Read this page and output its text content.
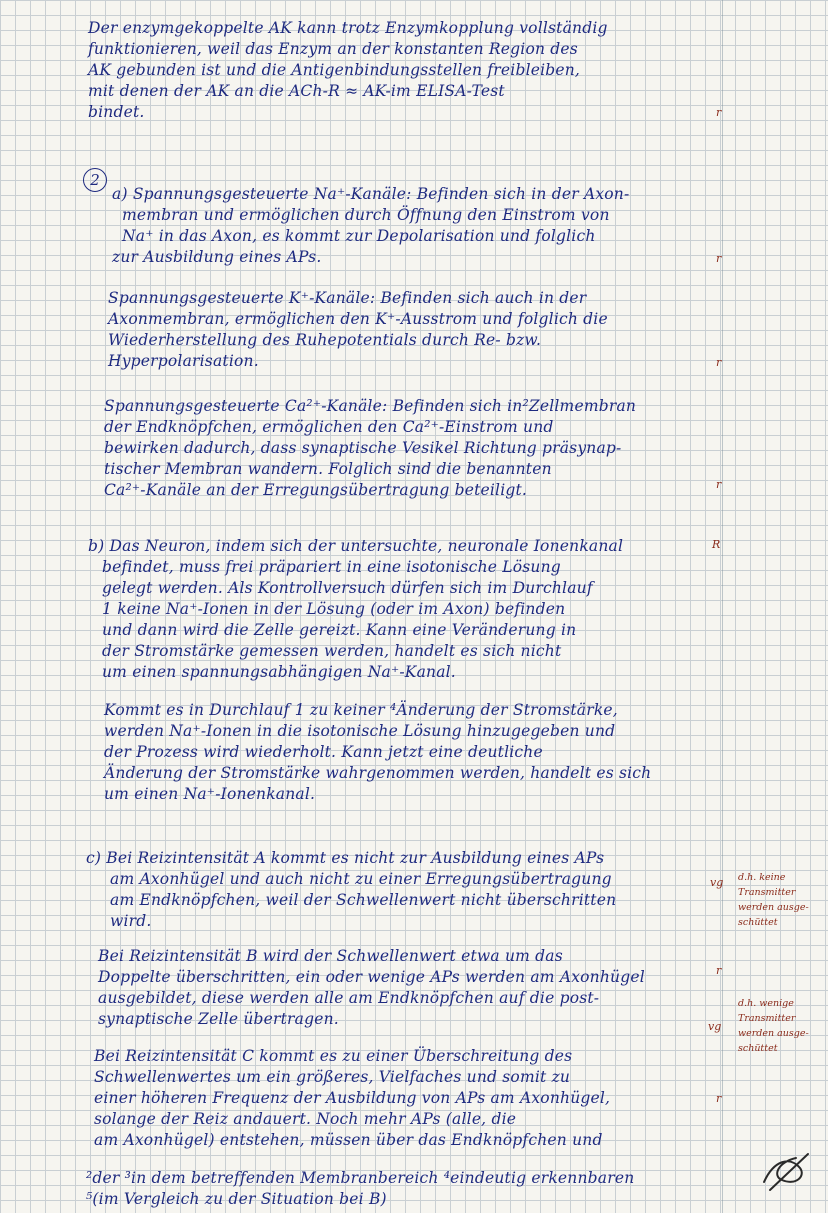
Der enzymgekoppelte AK kann trotz Enzymkopplung vollständig
funktionieren, weil das Enzym an der konstanten Region des
AK gebunden ist und die Antigenbindungsstellen freibleiben,
mit denen der AK an die ACh-R ≈ AK-im ELISA-Test
bindet.
2
a) Spannungsgesteuerte Na⁺-Kanäle: Befinden sich in der Axon-
membran und ermöglichen durch Öffnung den Einstrom von
Na⁺ in das Axon, es kommt zur Depolarisation und folglich
zur Ausbildung eines APs.
Spannungsgesteuerte K⁺-Kanäle: Befinden sich auch in der
Axonmembran, ermöglichen den K⁺-Ausstrom und folglich die
Wiederherstellung des Ruhepotentials durch Re- bzw.
Hyperpolarisation.
Spannungsgesteuerte Ca²⁺-Kanäle: Befinden sich in²Zellmembran
der Endknöpfchen, ermöglichen den Ca²⁺-Einstrom und
bewirken dadurch, dass synaptische Vesikel Richtung präsynap-
tischer Membran wandern. Folglich sind die benannten
Ca²⁺-Kanäle an der Erregungsübertragung beteiligt.
b) Das Neuron, indem sich der untersuchte, neuronale Ionenkanal
befindet, muss frei präpariert in eine isotonische Lösung
gelegt werden. Als Kontrollversuch dürfen sich im Durchlauf
1 keine Na⁺-Ionen in der Lösung (oder im Axon) befinden
und dann wird die Zelle gereizt. Kann eine Veränderung in
der Stromstärke gemessen werden, handelt es sich nicht
um einen spannungsabhängigen Na⁺-Kanal.
Kommt es in Durchlauf 1 zu keiner ⁴Änderung der Stromstärke,
werden Na⁺-Ionen in die isotonische Lösung hinzugegeben und
der Prozess wird wiederholt. Kann jetzt eine deutliche
Änderung der Stromstärke wahrgenommen werden, handelt es sich
um einen Na⁺-Ionenkanal.
c) Bei Reizintensität A kommt es nicht zur Ausbildung eines APs
am Axonhügel und auch nicht zu einer Erregungsübertragung
am Endknöpfchen, weil der Schwellenwert nicht überschritten
wird.
Bei Reizintensität B wird der Schwellenwert etwa um das
Doppelte überschritten, ein oder wenige APs werden am Axonhügel
ausgebildet, diese werden alle am Endknöpfchen auf die post-
synaptische Zelle übertragen.
Bei Reizintensität C kommt es zu einer Überschreitung des
Schwellenwertes um ein größeres, Vielfaches und somit zu
einer höheren Frequenz der Ausbildung von APs am Axonhügel,
solange der Reiz andauert. Noch mehr APs (alle, die
am Axonhügel) entstehen, müssen über das Endknöpfchen und
²der ³in dem betreffenden Membranbereich ⁴eindeutig erkennbaren
⁵(im Vergleich zu der Situation bei B)
r
r
r
r
R
vg
r
vg
r
d.h. keine
Transmitter
werden ausge-
schüttet
d.h. wenige
Transmitter
werden ausge-
schüttet
